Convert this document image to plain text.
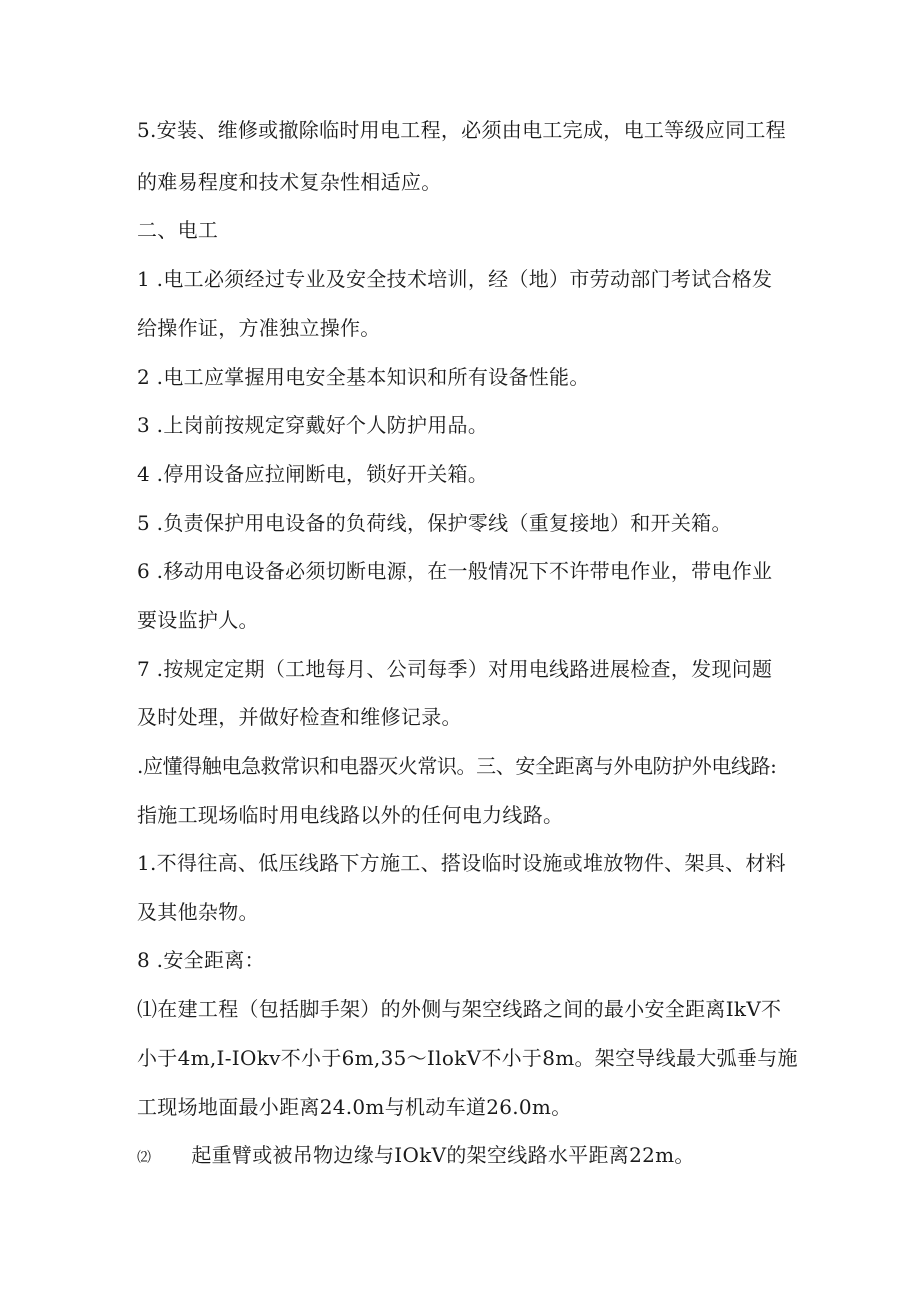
5.安装、维修或撤除临时用电工程，必须由电工完成，电工等级应同工程
的难易程度和技术复杂性相适应。
二、电工
1 .电工必须经过专业及安全技术培训，经（地）市劳动部门考试合格发
给操作证，方准独立操作。
2 .电工应掌握用电安全基本知识和所有设备性能。
3 .上岗前按规定穿戴好个人防护用品。
4 .停用设备应拉闸断电，锁好开关箱。
5 .负责保护用电设备的负荷线，保护零线（重复接地）和开关箱。
6 .移动用电设备必须切断电源，在一般情况下不许带电作业，带电作业
要设监护人。
7 .按规定定期（工地每月、公司每季）对用电线路进展检查，发现问题
及时处理，并做好检查和维修记录。
.应懂得触电急救常识和电器灭火常识。三、安全距离与外电防护外电线路:
指施工现场临时用电线路以外的任何电力线路。
1.不得往高、低压线路下方施工、搭设临时设施或堆放物件、架具、材料
及其他杂物。
8 .安全距离：
⑴在建工程（包括脚手架）的外侧与架空线路之间的最小安全距离IkV不
小于4m,I-IOkv不小于6m,35～IlokV不小于8m。架空导线最大弧垂与施
工现场地面最小距离24.0m与机动车道26.0m。
⑵ 起重臂或被吊物边缘与IOkV的架空线路水平距离22m。
